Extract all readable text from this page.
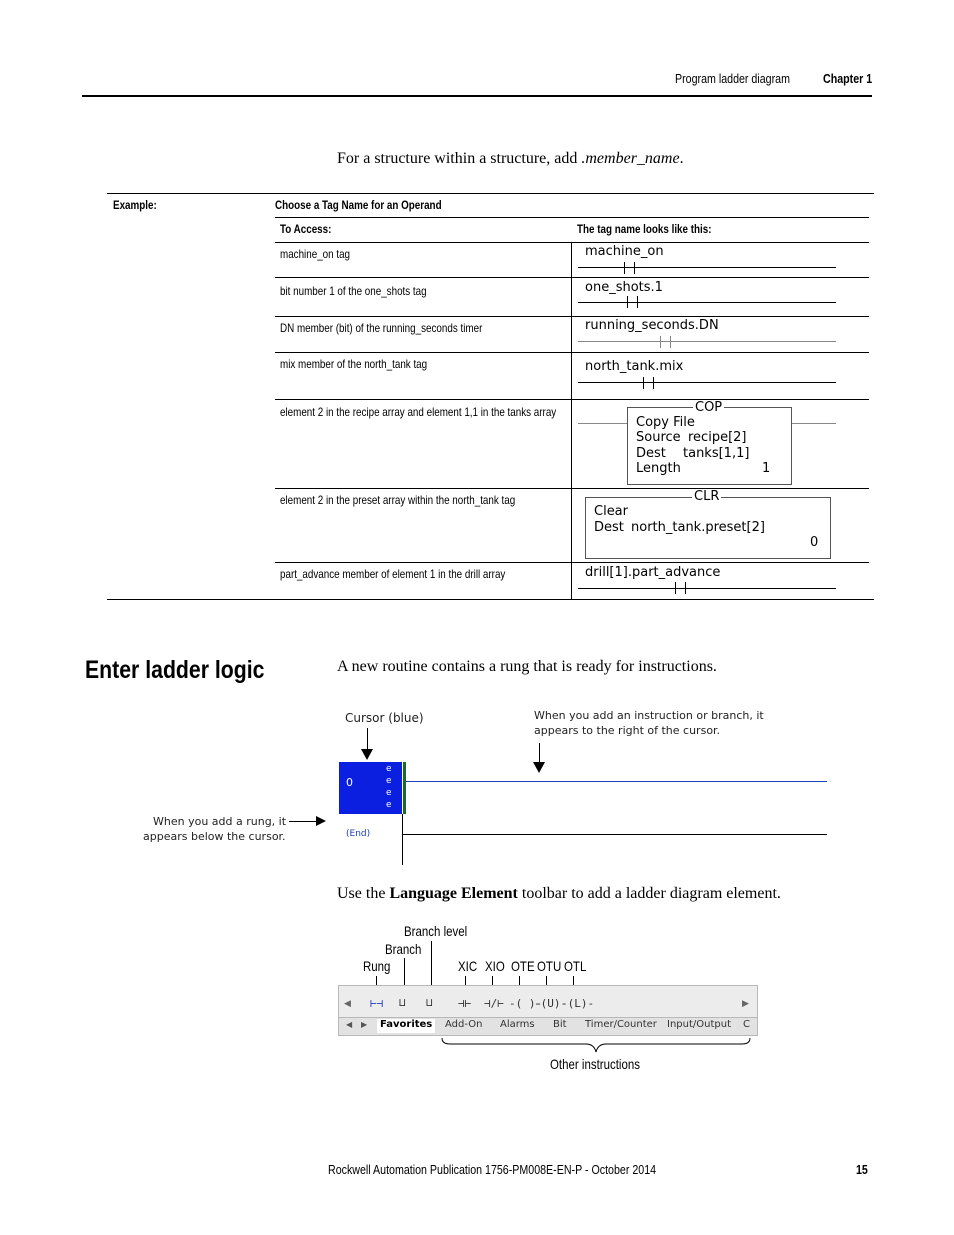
Program ladder diagram	Chapter 1
For a structure within a structure, add .member_name.
Example:	Choose a Tag Name for an Operand
To Access:	The tag name looks like this:
machine_on tag	machine_on
bit number 1 of the one_shots tag	one_shots.1
DN member (bit) of the running_seconds timer	running_seconds.DN
mix member of the north_tank tag	north_tank.mix
element 2 in the recipe array and element 1,1 in the tanks array	COP
Copy File
Source recipe[2]
Dest tanks[1,1]
Length	1
element 2 in the preset array within the north_tank tag	CLR
Clear
Dest north_tank.preset[2]
0
part_advance member of element 1 in the drill array	drill[1].part_advance
Enter ladder logic	A new routine contains a rung that is ready for instructions.
Cursor (blue)	When you add an instruction or branch, it
appears to the right of the cursor.
0
e
e
e
e
(End)
When you add a rung, it
appears below the cursor.
Use the Language Element toolbar to add a ladder diagram element.
Branch level
Branch
Rung	XIC XIO OTE OTU OTL
◀	▶
⊢⊣ ⊔ ⊔ ⊣⊢ ⊣/⊢ -( )-
-(U)-
-(L)-
◀ ▶	Favorites	Add-On Alarms Bit Timer/Counter Input/Output C
Other instructions
Rockwell Automation Publication 1756-PM008E-EN-P - October 2014	15
